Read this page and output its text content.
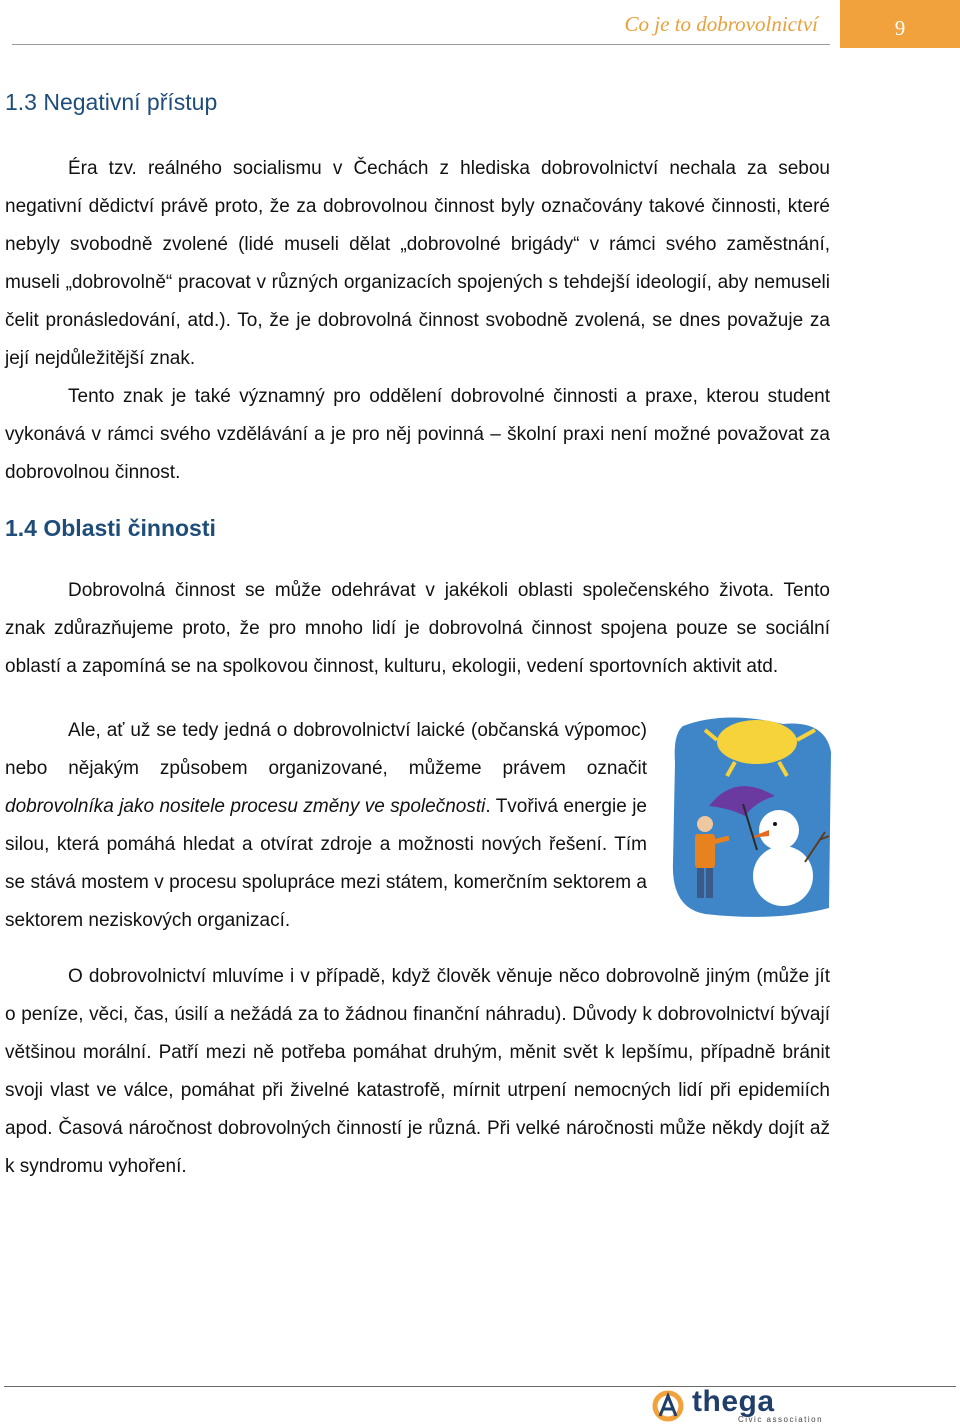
Co je to dobrovolnictví	9
1.3 Negativní přístup

Éra tzv. reálného socialismu v Čechách z hlediska dobrovolnictví nechala za sebou negativní dědictví právě proto, že za dobrovolnou činnost byly označovány takové činnosti, které nebyly svobodně zvolené (lidé museli dělat „dobrovolné brigády“ v rámci svého zaměstnání, museli „dobrovolně“ pracovat v různých organizacích spojených s tehdejší ideologií, aby nemuseli čelit pronásledování, atd.). To, že je dobrovolná činnost svobodně zvolená, se dnes považuje za její nejdůležitější znak.

Tento znak je také významný pro oddělení dobrovolné činnosti a praxe, kterou student vykonává v rámci svého vzdělávání a je pro něj povinná – školní praxi není možné považovat za dobrovolnou činnost.

1.4 Oblasti činnosti

Dobrovolná činnost se může odehrávat v jakékoli oblasti společenského života. Tento znak zdůrazňujeme proto, že pro mnoho lidí je dobrovolná činnost spojena pouze se sociální oblastí a zapomíná se na spolkovou činnost, kulturu, ekologii, vedení sportovních aktivit atd.

Ale, ať už se tedy jedná o dobrovolnictví laické (občanská výpomoc) nebo nějakým způsobem organizované, můžeme právem označit dobrovolníka jako nositele procesu změny ve společnosti. Tvořivá energie je silou, která pomáhá hledat a otvírat zdroje a možnosti nových řešení. Tím se stává mostem v procesu spolupráce mezi státem, komerčním sektorem a sektorem neziskových organizací.

O dobrovolnictví mluvíme i v případě, když člověk věnuje něco dobrovolně jiným (může jít o peníze, věci, čas, úsilí a nežádá za to žádnou finanční náhradu). Důvody k dobrovolnictví bývají většinou morální. Patří mezi ně potřeba pomáhat druhým, měnit svět k lepšímu, případně bránit svoji vlast ve válce, pomáhat při živelné katastrofě, mírnit utrpení nemocných lidí při epidemiích apod. Časová náročnost dobrovolných činností je různá. Při velké náročnosti může někdy dojít až k syndromu vyhoření.

thega
Civic association
